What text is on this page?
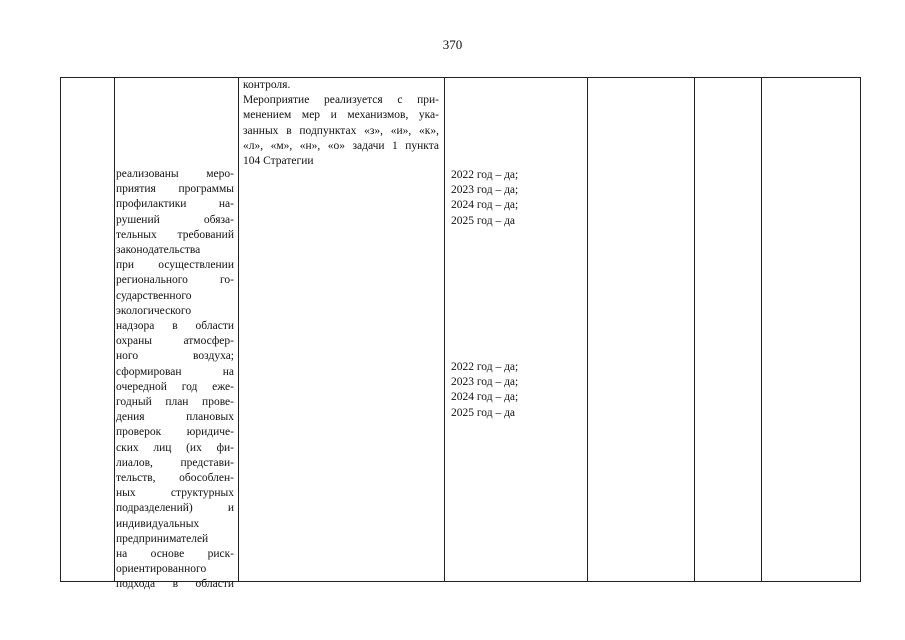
370
реализованы меро-
приятия программы
профилактики на-
рушений обяза-
тельных требований
законодательства
при осуществлении
регионального го-
сударственного
экологического
надзора в области
охраны атмосфер-
ного воздуха;
сформирован на
очередной год еже-
годный план прове-
дения плановых
проверок юридиче-
ских лиц (их фи-
лиалов, представи-
тельств, обособлен-
ных структурных
подразделений) и
индивидуальных
предпринимателей
на основе риск-
ориентированного
подхода в области
контроля.
Мероприятие реализуется с при-
менением мер и механизмов, ука-
занных в подпунктах «з», «и», «к»,
«л», «м», «н», «о» задачи 1 пункта
104 Стратегии
2022 год – да;
2023 год – да;
2024 год – да;
2025 год – да
2022 год – да;
2023 год – да;
2024 год – да;
2025 год – да
